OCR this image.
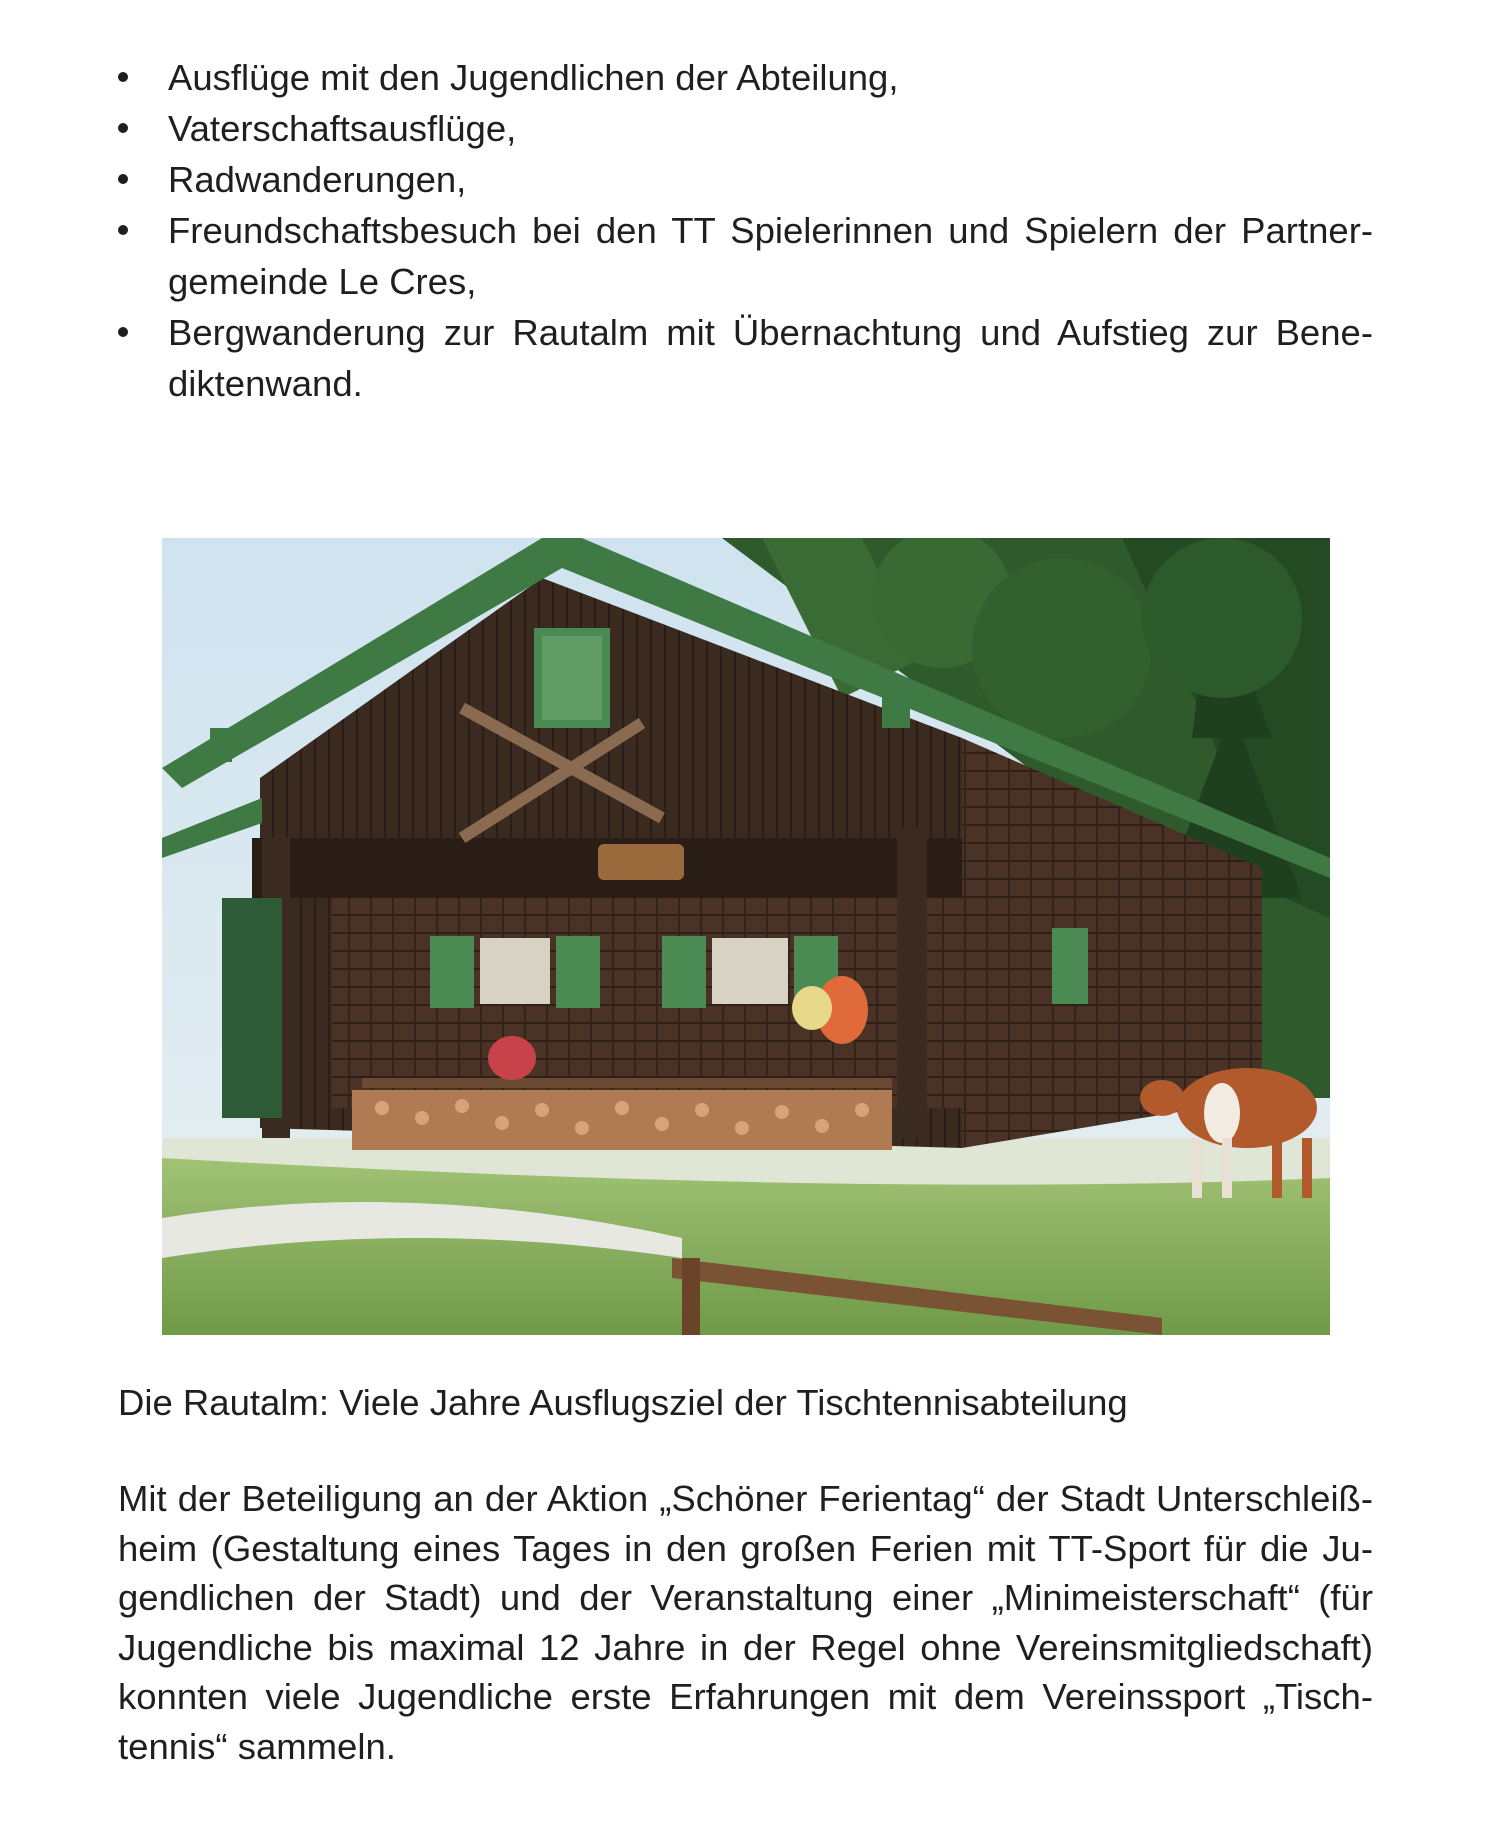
Ausflüge mit den Jugendlichen der Abteilung,
Vaterschaftsausflüge,
Radwanderungen,
Freundschaftsbesuch bei den TT Spielerinnen und Spielern der Partner-gemeinde Le Cres,
Bergwanderung zur Rautalm mit Übernachtung und Aufstieg zur Bene-diktenwand.

Die Rautalm: Viele Jahre Ausflugsziel der Tischtennisabteilung

Mit der Beteiligung an der Aktion „Schöner Ferientag“ der Stadt Unterschleiß-heim (Gestaltung eines Tages in den großen Ferien mit TT-Sport für die Ju-gendlichen der Stadt) und der Veranstaltung einer „Minimeisterschaft“ (für Jugendliche bis maximal 12 Jahre in der Regel ohne Vereinsmitgliedschaft) konnten viele Jugendliche erste Erfahrungen mit dem Vereinssport „Tisch-tennis“ sammeln.
